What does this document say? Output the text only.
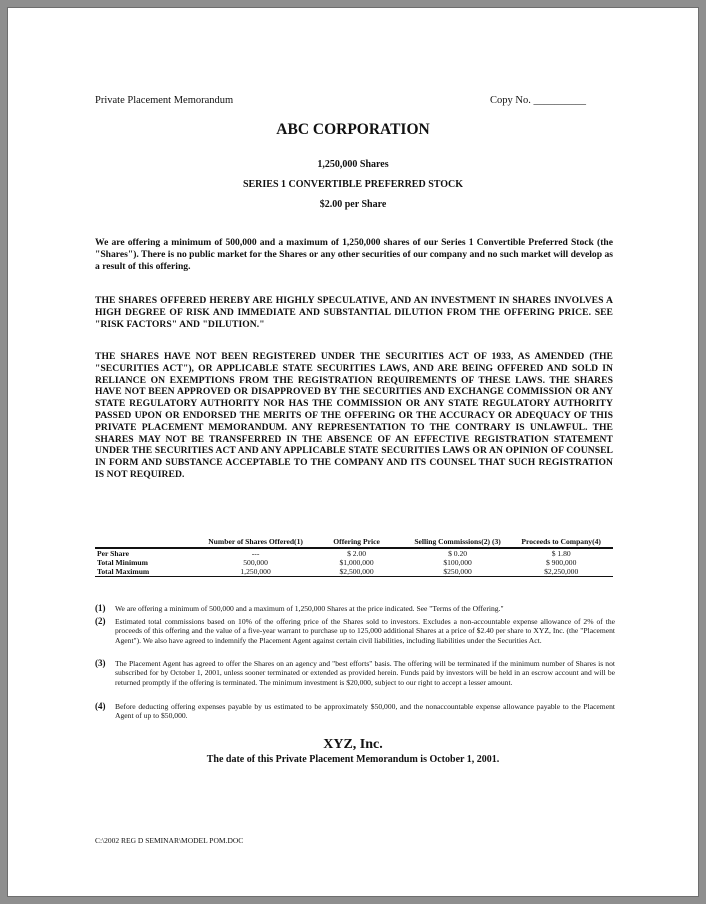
Private Placement Memorandum	Copy No. __________
ABC CORPORATION
1,250,000 Shares
SERIES 1 CONVERTIBLE PREFERRED STOCK
$2.00 per Share

We are offering a minimum of 500,000 and a maximum of 1,250,000 shares of our Series 1 Convertible Preferred Stock (the "Shares"). There is no public market for the Shares or any other securities of our company and no such market will develop as a result of this offering.

THE SHARES OFFERED HEREBY ARE HIGHLY SPECULATIVE, AND AN INVESTMENT IN SHARES INVOLVES A HIGH DEGREE OF RISK AND IMMEDIATE AND SUBSTANTIAL DILUTION FROM THE OFFERING PRICE. SEE "RISK FACTORS" AND "DILUTION."

THE SHARES HAVE NOT BEEN REGISTERED UNDER THE SECURITIES ACT OF 1933, AS AMENDED (THE "SECURITIES ACT"), OR APPLICABLE STATE SECURITIES LAWS, AND ARE BEING OFFERED AND SOLD IN RELIANCE ON EXEMPTIONS FROM THE REGISTRATION REQUIREMENTS OF THESE LAWS. THE SHARES HAVE NOT BEEN APPROVED OR DISAPPROVED BY THE SECURITIES AND EXCHANGE COMMISSION OR ANY STATE REGULATORY AUTHORITY NOR HAS THE COMMISSION OR ANY STATE REGULATORY AUTHORITY PASSED UPON OR ENDORSED THE MERITS OF THE OFFERING OR THE ACCURACY OR ADEQUACY OF THIS PRIVATE PLACEMENT MEMORANDUM. ANY REPRESENTATION TO THE CONTRARY IS UNLAWFUL. THE SHARES MAY NOT BE TRANSFERRED IN THE ABSENCE OF AN EFFECTIVE REGISTRATION STATEMENT UNDER THE SECURITIES ACT AND ANY APPLICABLE STATE SECURITIES LAWS OR AN OPINION OF COUNSEL IN FORM AND SUBSTANCE ACCEPTABLE TO THE COMPANY AND ITS COUNSEL THAT SUCH REGISTRATION IS NOT REQUIRED.

	Number of Shares Offered(1)	Offering Price	Selling Commissions(2) (3)	Proceeds to Company(4)
Per Share	---	$ 2.00	$ 0.20	$ 1.80
Total Minimum	500,000	$1,000,000	$100,000	$ 900,000
Total Maximum	1,250,000	$2,500,000	$250,000	$2,250,000
(1)	We are offering a minimum of 500,000 and a maximum of 1,250,000 Shares at the price indicated. See "Terms of the Offering."
(2)	Estimated total commissions based on 10% of the offering price of the Shares sold to investors. Excludes a non-accountable expense allowance of 2% of the proceeds of this offering and the value of a five-year warrant to purchase up to 125,000 additional Shares at a price of $2.40 per share to XYZ, Inc. (the "Placement Agent"). We also have agreed to indemnify the Placement Agent against certain civil liabilities, including liabilities under the Securities Act.
(3)	The Placement Agent has agreed to offer the Shares on an agency and "best efforts" basis. The offering will be terminated if the minimum number of Shares is not subscribed for by October 1, 2001, unless sooner terminated or extended as provided herein. Funds paid by investors will be held in an escrow account and will be returned promptly if the offering is terminated. The minimum investment is $20,000, subject to our right to accept a lesser amount.
(4)	Before deducting offering expenses payable by us estimated to be approximately $50,000, and the nonaccountable expense allowance payable to the Placement Agent of up to $50,000.
XYZ, Inc.
The date of this Private Placement Memorandum is October 1, 2001.
C:\2002 REG D SEMINAR\MODEL POM.DOC
